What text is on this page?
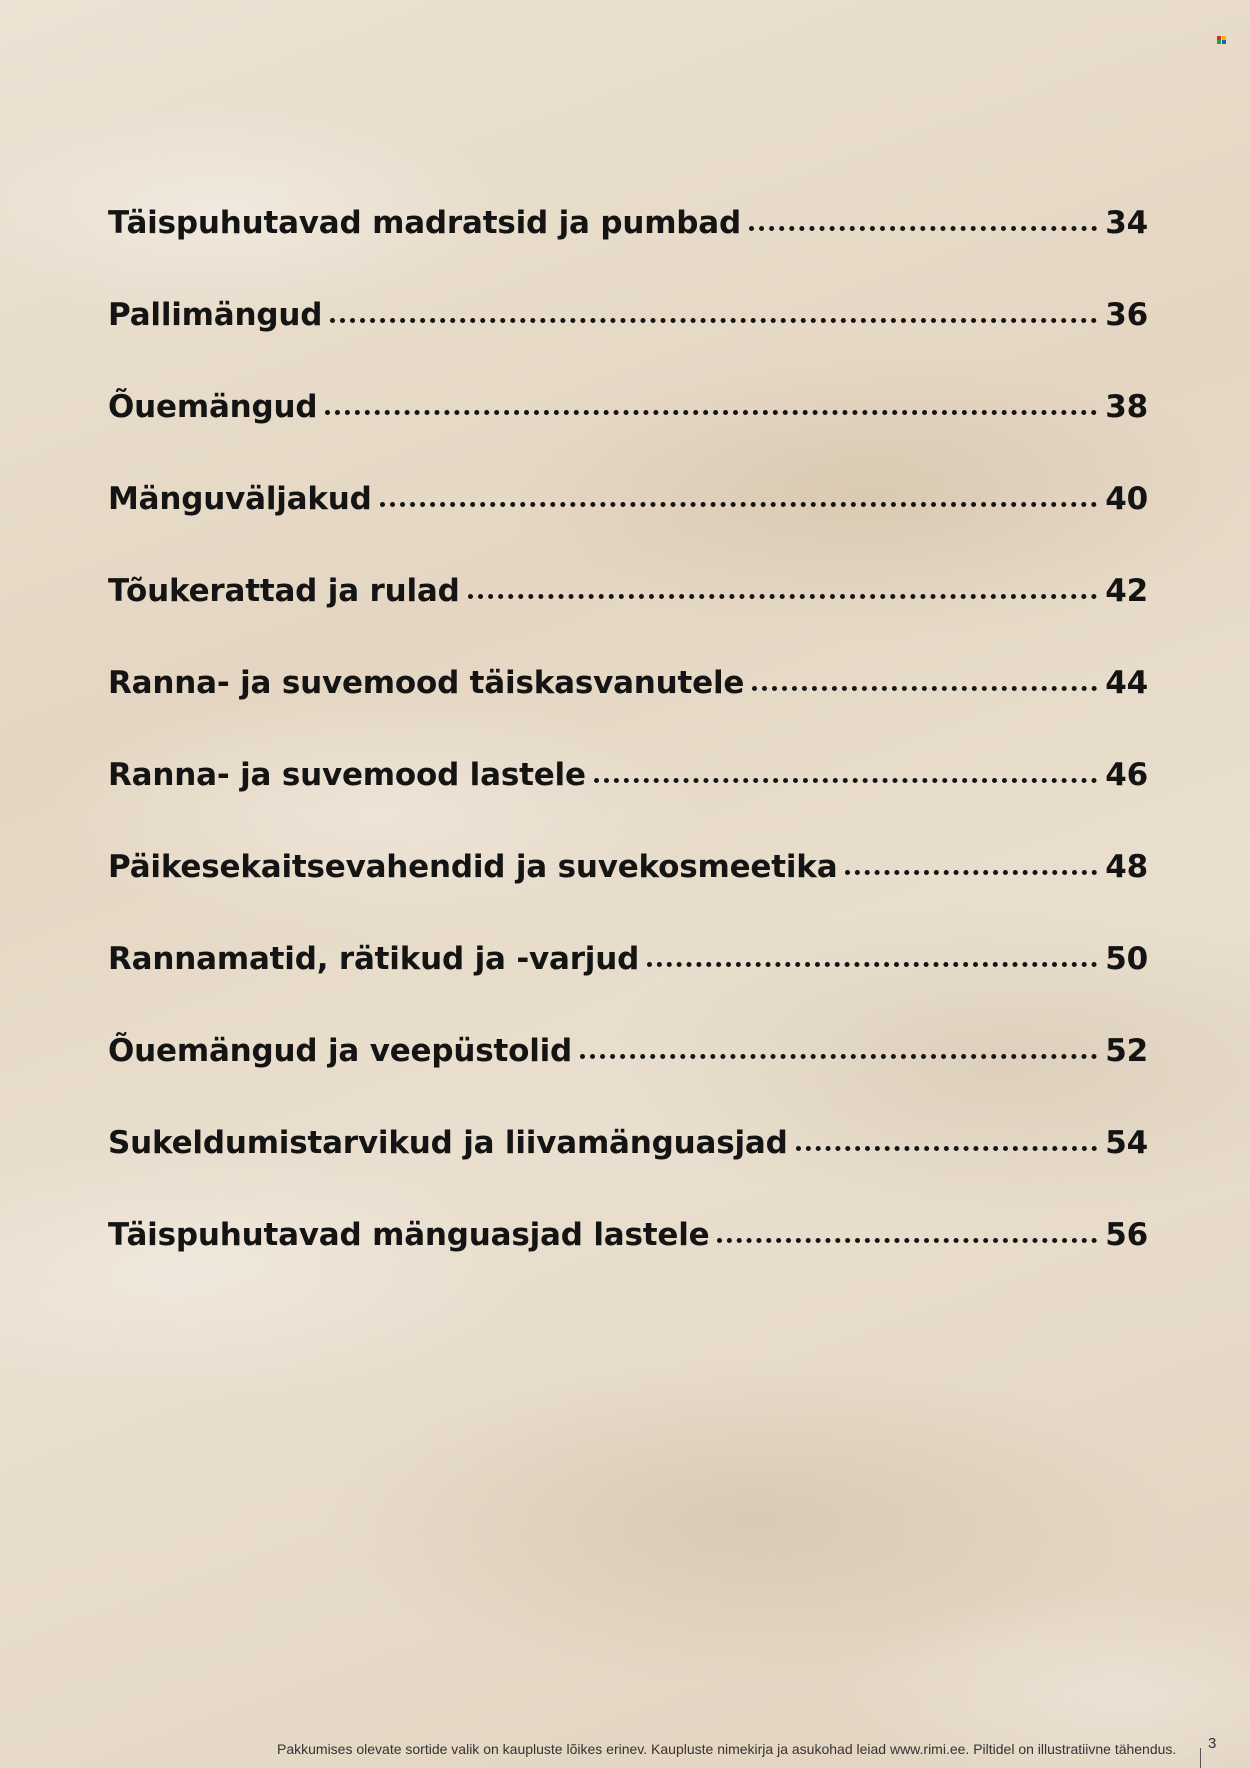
Täispuhutavad madratsid ja pumbad	34
Pallimängud	36
Õuemängud	38
Mänguväljakud	40
Tõukerattad ja rulad	42
Ranna- ja suvemood täiskasvanutele	44
Ranna- ja suvemood lastele	46
Päikesekaitsevahendid ja suvekosmeetika	48
Rannamatid, rätikud ja -varjud	50
Õuemängud ja veepüstolid	52
Sukeldumistarvikud ja liivamänguasjad	54
Täispuhutavad mänguasjad lastele	56
Pakkumises olevate sortide valik on kaupluste lõikes erinev. Kaupluste nimekirja ja asukohad leiad www.rimi.ee. Piltidel on illustratiivne tähendus. 3
